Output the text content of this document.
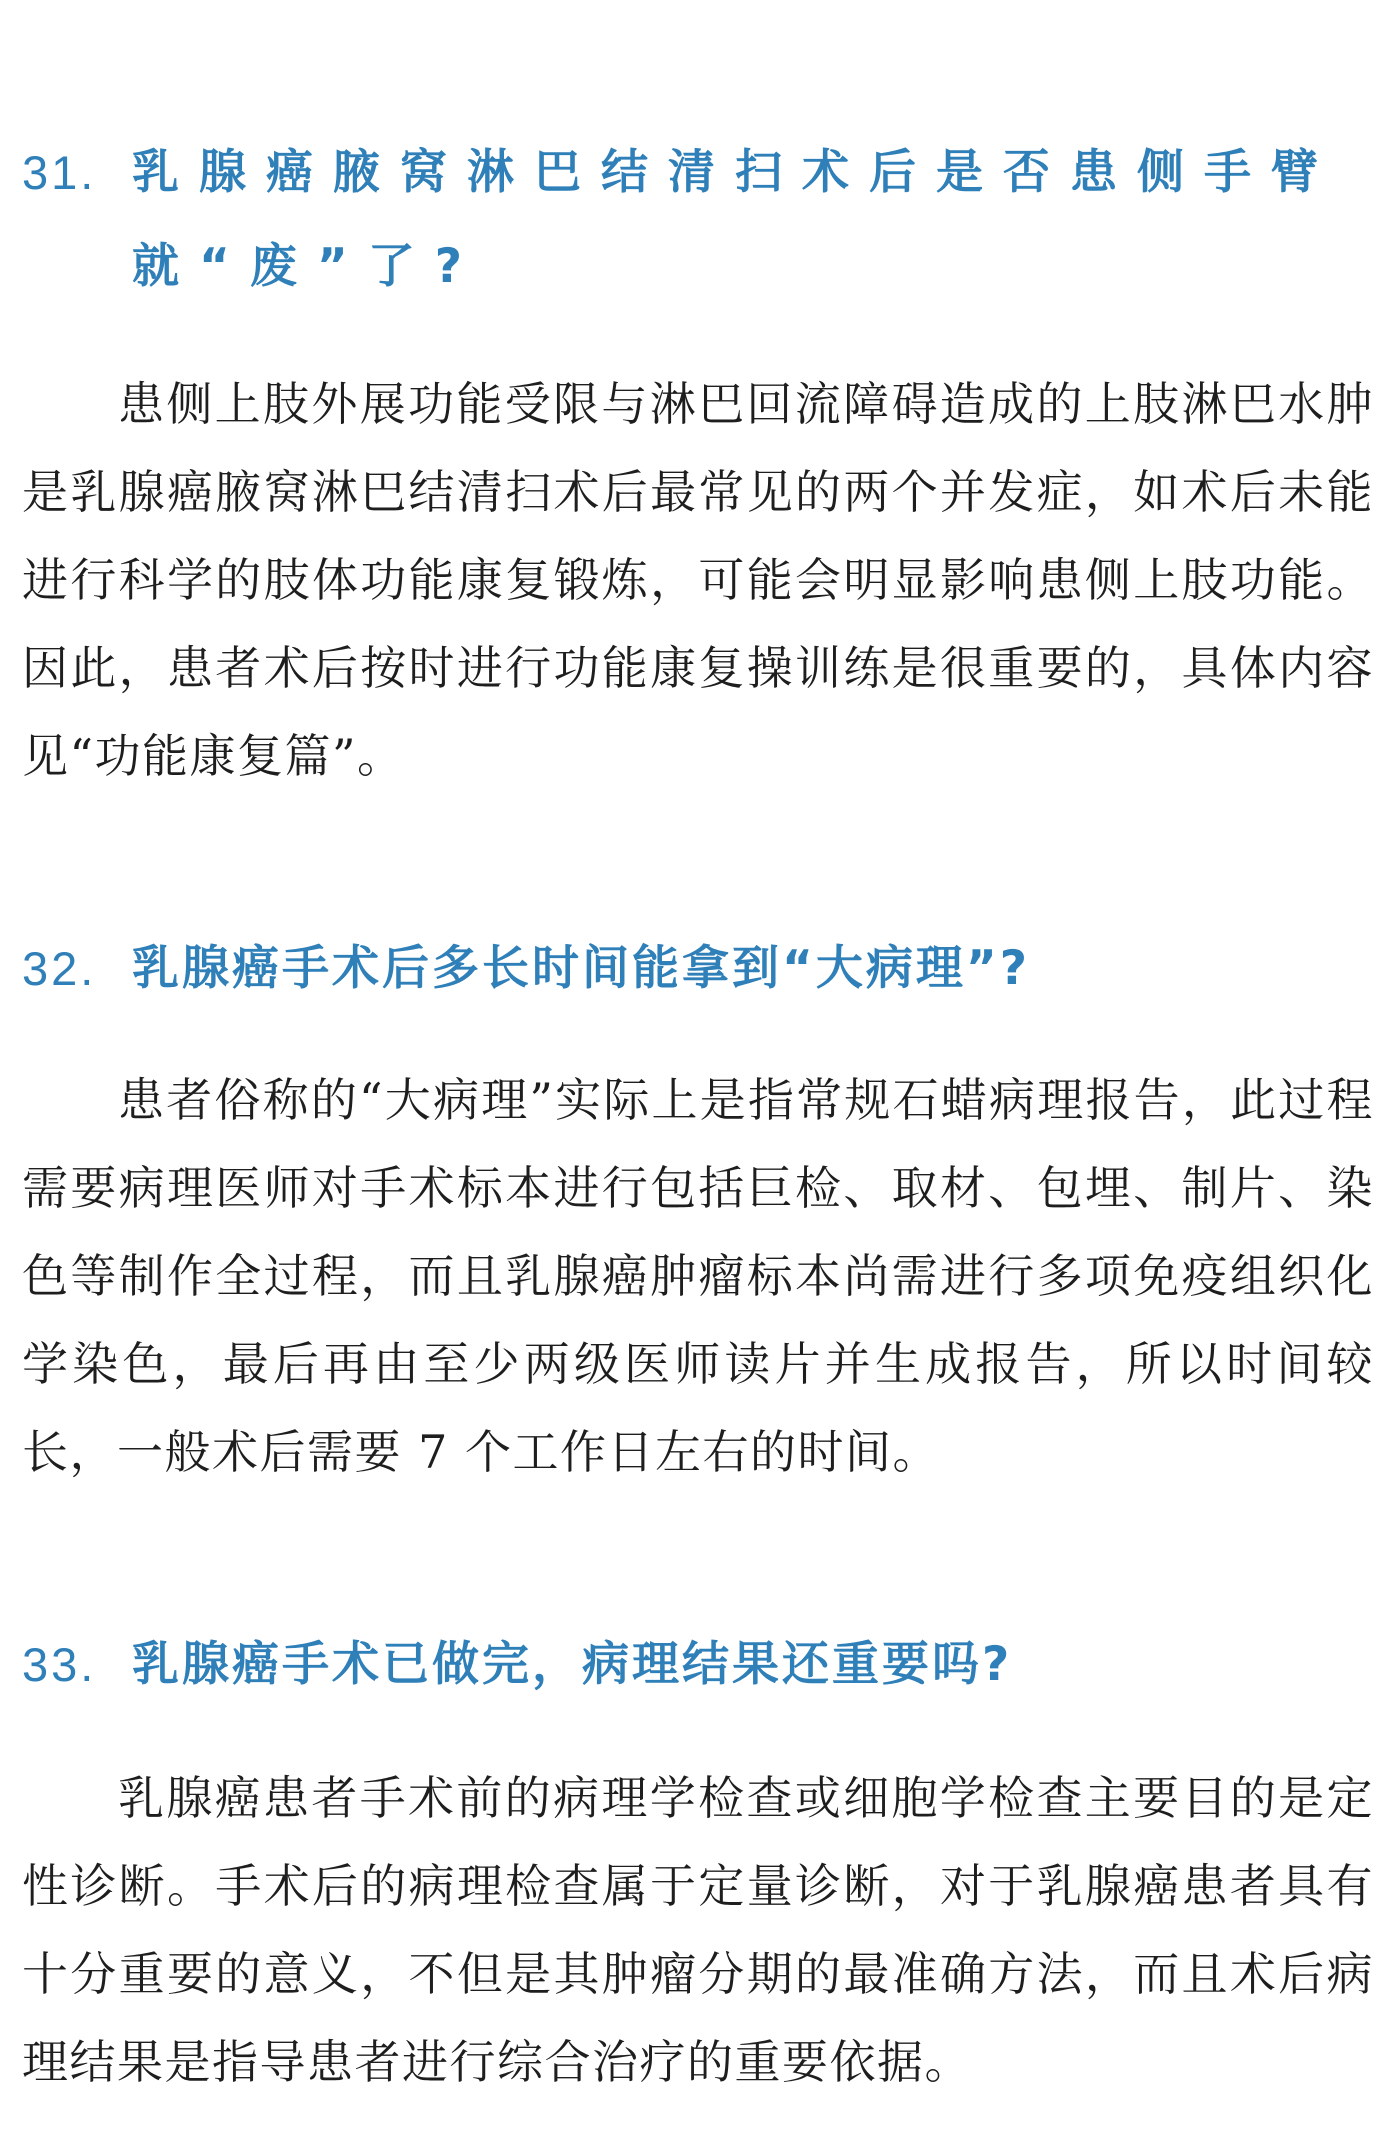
31. 乳腺癌腋窝淋巴结清扫术后是否患侧手臂就“废”了?

患侧上肢外展功能受限与淋巴回流障碍造成的上肢淋巴水肿是乳腺癌腋窝淋巴结清扫术后最常见的两个并发症，如术后未能进行科学的肢体功能康复锻炼，可能会明显影响患侧上肢功能。因此，患者术后按时进行功能康复操训练是很重要的，具体内容见“功能康复篇”。

32. 乳腺癌手术后多长时间能拿到“大病理”?

患者俗称的“大病理”实际上是指常规石蜡病理报告，此过程需要病理医师对手术标本进行包括巨检、取材、包埋、制片、染色等制作全过程，而且乳腺癌肿瘤标本尚需进行多项免疫组织化学染色，最后再由至少两级医师读片并生成报告，所以时间较长，一般术后需要 7 个工作日左右的时间。

33. 乳腺癌手术已做完，病理结果还重要吗?

乳腺癌患者手术前的病理学检查或细胞学检查主要目的是定性诊断。手术后的病理检查属于定量诊断，对于乳腺癌患者具有十分重要的意义，不但是其肿瘤分期的最准确方法，而且术后病理结果是指导患者进行综合治疗的重要依据。
